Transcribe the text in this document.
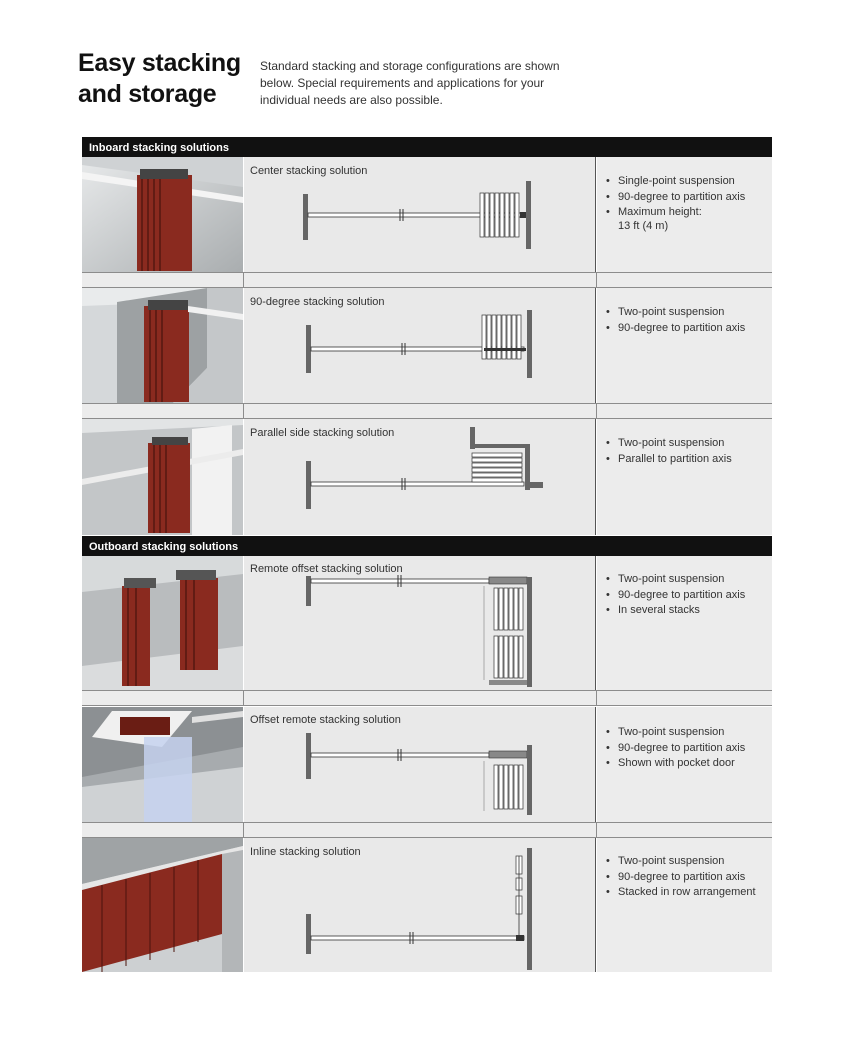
Easy stacking
and storage
Standard stacking and storage configurations are shown below. Special requirements and applications for your individual needs are also possible.
Inboard stacking solutions
Center stacking solution
• Single-point suspension
• 90-degree to partition axis
• Maximum height:
13 ft (4 m)
90-degree stacking solution
• Two-point suspension
• 90-degree to partition axis
Parallel side stacking solution
• Two-point suspension
• Parallel to partition axis
Outboard stacking solutions
Remote offset stacking solution
• Two-point suspension
• 90-degree to partition axis
• In several stacks
Offset remote stacking solution
• Two-point suspension
• 90-degree to partition axis
• Shown with pocket door
Inline stacking solution
• Two-point suspension
• 90-degree to partition axis
• Stacked in row arrangement
